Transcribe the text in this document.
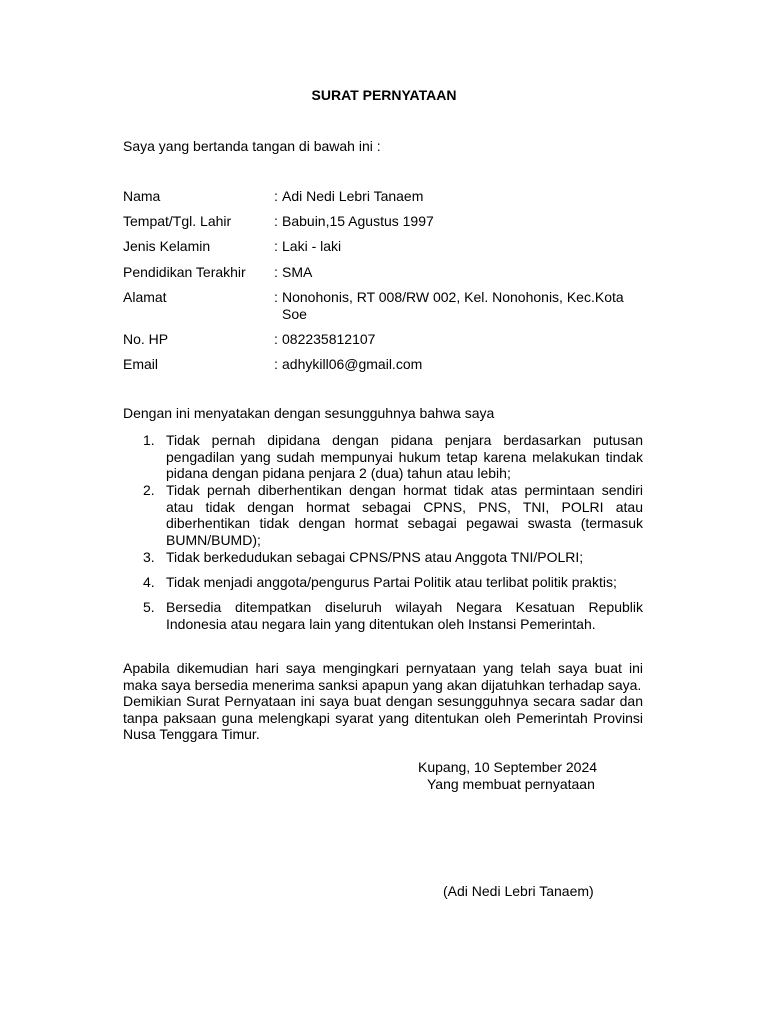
SURAT PERNYATAAN
Saya yang bertanda tangan di bawah ini :
Nama	: Adi Nedi Lebri Tanaem
Tempat/Tgl. Lahir	: Babuin,15 Agustus 1997
Jenis Kelamin	: Laki - laki
Pendidikan Terakhir : SMA
Alamat	: Nonohonis, RT 008/RW 002, Kel. Nonohonis, Kec.Kota Soe
No. HP	: 082235812107
Email	: adhykill06@gmail.com
Dengan ini menyatakan dengan sesungguhnya bahwa saya
1. Tidak pernah dipidana dengan pidana penjara berdasarkan putusan pengadilan yang sudah mempunyai hukum tetap karena melakukan tindak pidana dengan pidana penjara 2 (dua) tahun atau lebih;
2. Tidak pernah diberhentikan dengan hormat tidak atas permintaan sendiri atau tidak dengan hormat sebagai CPNS, PNS, TNI, POLRI atau diberhentikan tidak dengan hormat sebagai pegawai swasta (termasuk BUMN/BUMD);
3. Tidak berkedudukan sebagai CPNS/PNS atau Anggota TNI/POLRI;
4. Tidak menjadi anggota/pengurus Partai Politik atau terlibat politik praktis;
5. Bersedia ditempatkan diseluruh wilayah Negara Kesatuan Republik Indonesia atau negara lain yang ditentukan oleh Instansi Pemerintah.

Apabila dikemudian hari saya mengingkari pernyataan yang telah saya buat ini maka saya bersedia menerima sanksi apapun yang akan dijatuhkan terhadap saya.

Demikian Surat Pernyataan ini saya buat dengan sesungguhnya secara sadar dan tanpa paksaan guna melengkapi syarat yang ditentukan oleh Pemerintah Provinsi Nusa Tenggara Timur.

Kupang, 10 September 2024
Yang membuat pernyataan
(Adi Nedi Lebri Tanaem)
